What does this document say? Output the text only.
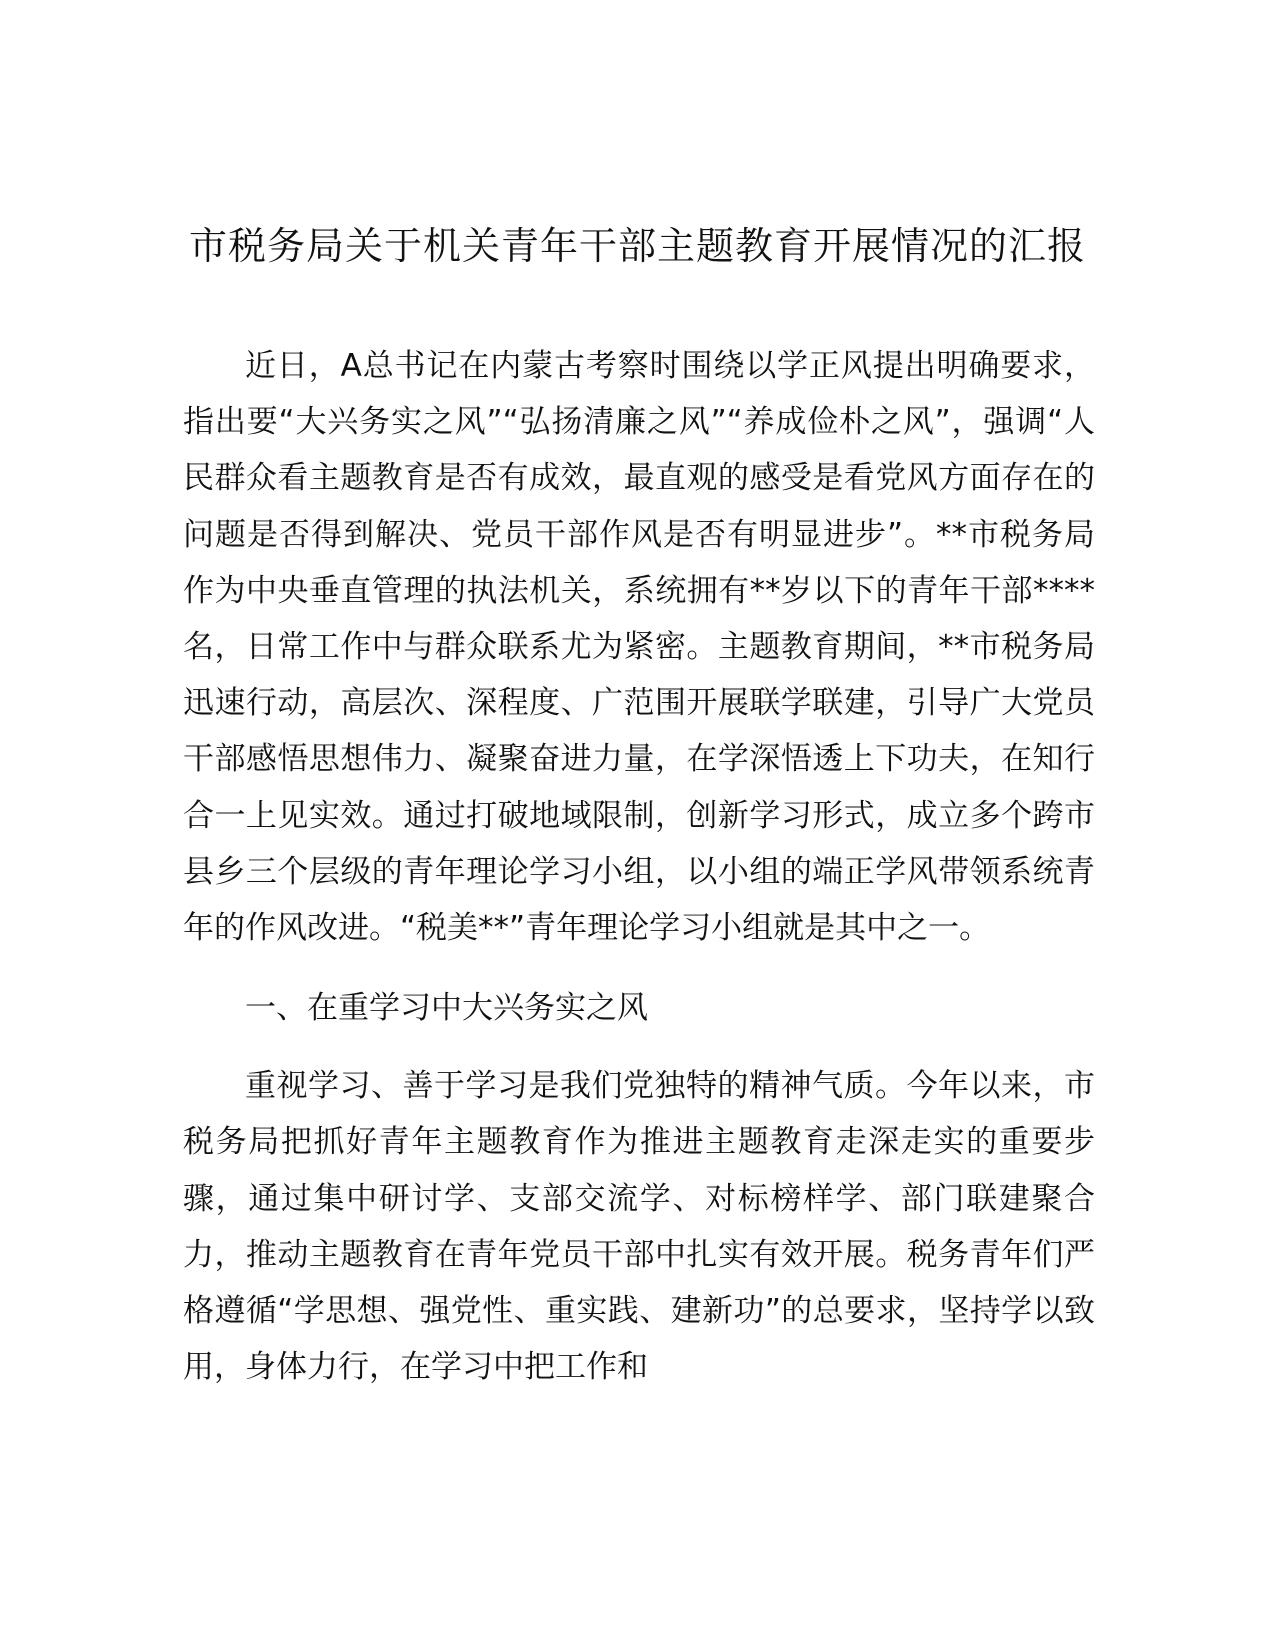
市税务局关于机关青年干部主题教育开展情况的汇报

近日，A总书记在内蒙古考察时围绕以学正风提出明确要求，指出要“大兴务实之风”“弘扬清廉之风”“养成俭朴之风”，强调“人民群众看主题教育是否有成效，最直观的感受是看党风方面存在的问题是否得到解决、党员干部作风是否有明显进步”。**市税务局作为中央垂直管理的执法机关，系统拥有**岁以下的青年干部****名，日常工作中与群众联系尤为紧密。主题教育期间，**市税务局迅速行动，高层次、深程度、广范围开展联学联建，引导广大党员干部感悟思想伟力、凝聚奋进力量，在学深悟透上下功夫，在知行合一上见实效。通过打破地域限制，创新学习形式，成立多个跨市县乡三个层级的青年理论学习小组，以小组的端正学风带领系统青年的作风改进。“税美**”青年理论学习小组就是其中之一。

一、在重学习中大兴务实之风

重视学习、善于学习是我们党独特的精神气质。今年以来，市税务局把抓好青年主题教育作为推进主题教育走深走实的重要步骤，通过集中研讨学、支部交流学、对标榜样学、部门联建聚合力，推动主题教育在青年党员干部中扎实有效开展。税务青年们严格遵循“学思想、强党性、重实践、建新功”的总要求，坚持学以致用，身体力行，在学习中把工作和
